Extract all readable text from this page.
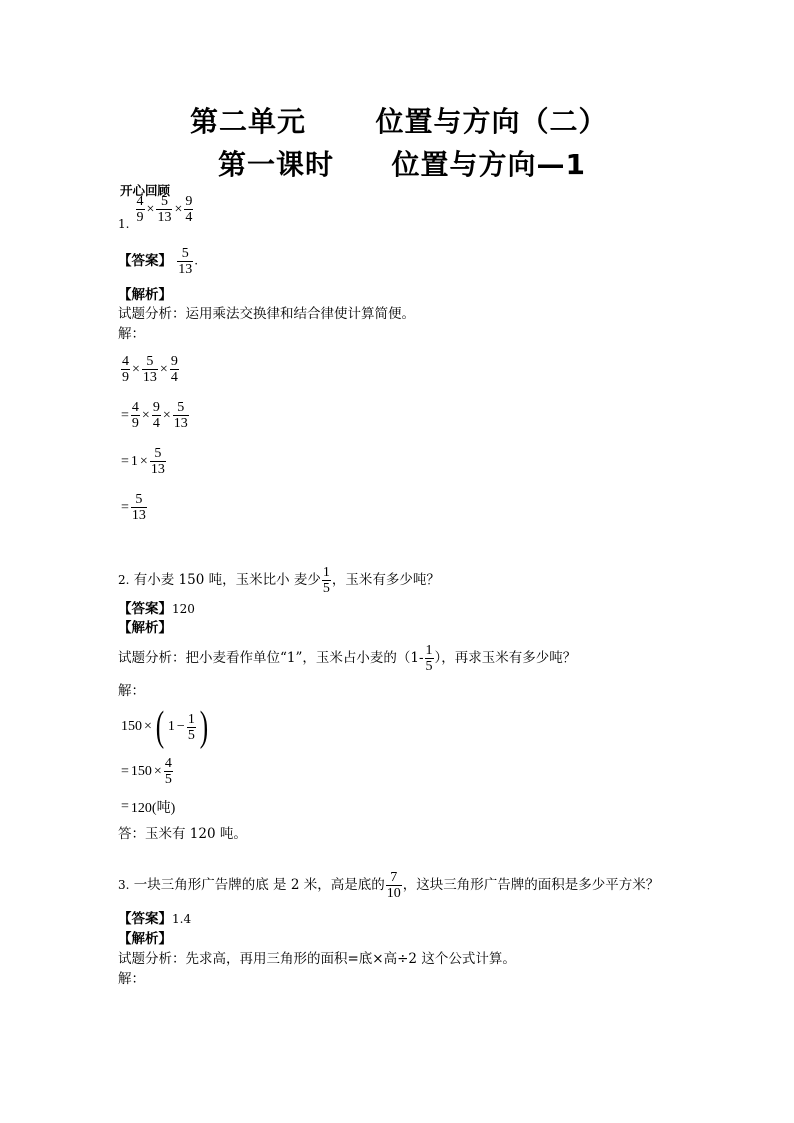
第二单元 位置与方向（二）
第一课时 位置与方向—1
开心回顾
1. $\frac{4}{9} \times \frac{5}{13} \times \frac{9}{4}$
【答案】 $\frac{5}{13}$ .
【解析】
试题分析：运用乘法交换律和结合律使计算简便。
解：
$\frac{4}{9} \times \frac{5}{13} \times \frac{9}{4}$
= $\frac{4}{9} \times \frac{9}{4} \times \frac{5}{13}$
= $1 \times \frac{5}{13}$
= $\frac{5}{13}$
2. 有小麦 150 吨，玉米比小 麦少 $\frac{1}{5}$ ，玉米有多少吨？
【答案】120
【解析】
试题分析：把小麦看作单位“1”，玉米占小麦的（$1- \frac{1}{5}$ ），再求玉米有多少吨？
解：
150 ×( $1 - \frac{1}{5}$ )
= $150 \times \frac{4}{5}$
= 120(吨)
答：玉米有 120 吨。
3. 一块三角形广告牌的底 是 2 米，高是底的 $\frac{7}{10}$ ，这块三角形广告牌的面积是多少平方米？
【答案】1.4
【解析】
试题分析：先求高，再用三角形的面积=底×高÷2 这个公式计算。
解：
